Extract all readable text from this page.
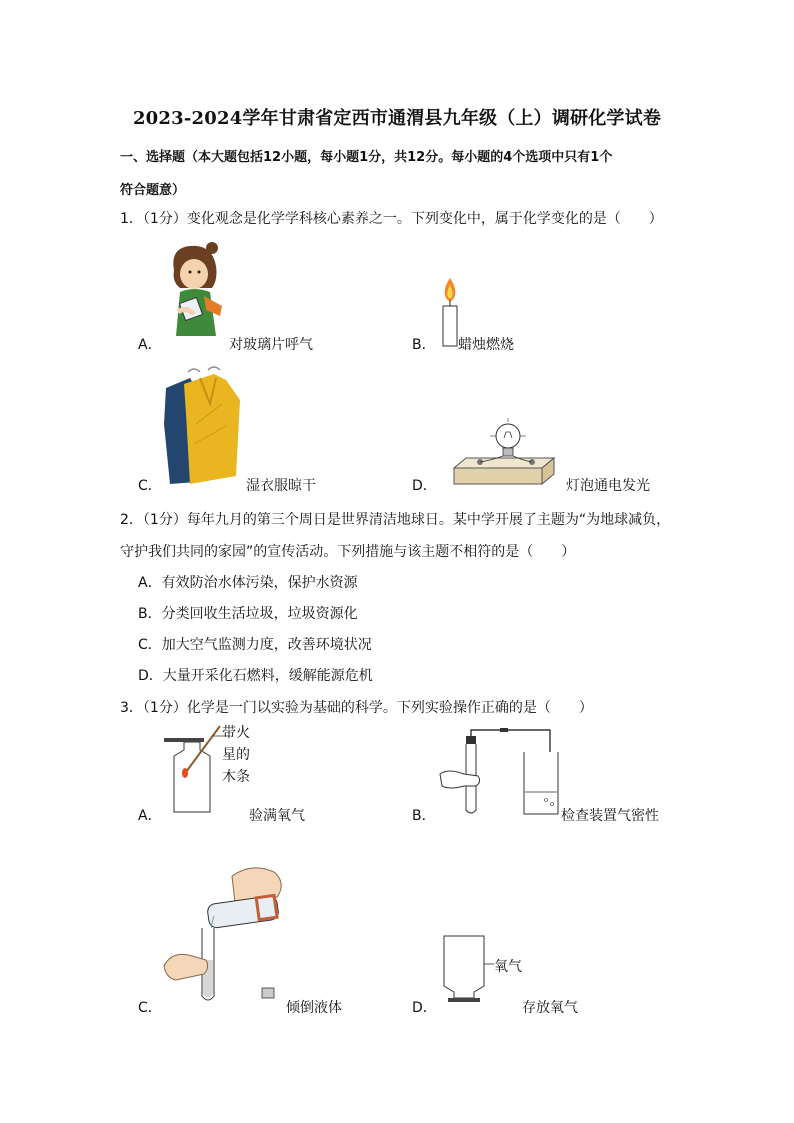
2023-2024学年甘肃省定西市通渭县九年级（上）调研化学试卷
一、选择题（本大题包括12小题，每小题1分，共12分。每小题的4个选项中只有1个
符合题意）
1．（1分）变化观念是化学学科核心素养之一。下列变化中，属于化学变化的是（　　）
A．	对玻璃片呼气	B． 蜡烛燃烧
C．	湿衣服晾干	D．	灯泡通电发光
2．（1分）每年九月的第三个周日是世界清洁地球日。某中学开展了主题为“为地球减负，
守护我们共同的家园”的宣传活动。下列措施与该主题不相符的是（　　）
A．有效防治水体污染，保护水资源
B．分类回收生活垃圾，垃圾资源化
C．加大空气监测力度，改善环境状况
D．大量开采化石燃料，缓解能源危机
3．（1分）化学是一门以实验为基础的科学。下列实验操作正确的是（　　）
带火
星的
木条
A．	验满氧气	B．	检查装置气密性
C．	倾倒液体
氧气
D．	存放氧气
